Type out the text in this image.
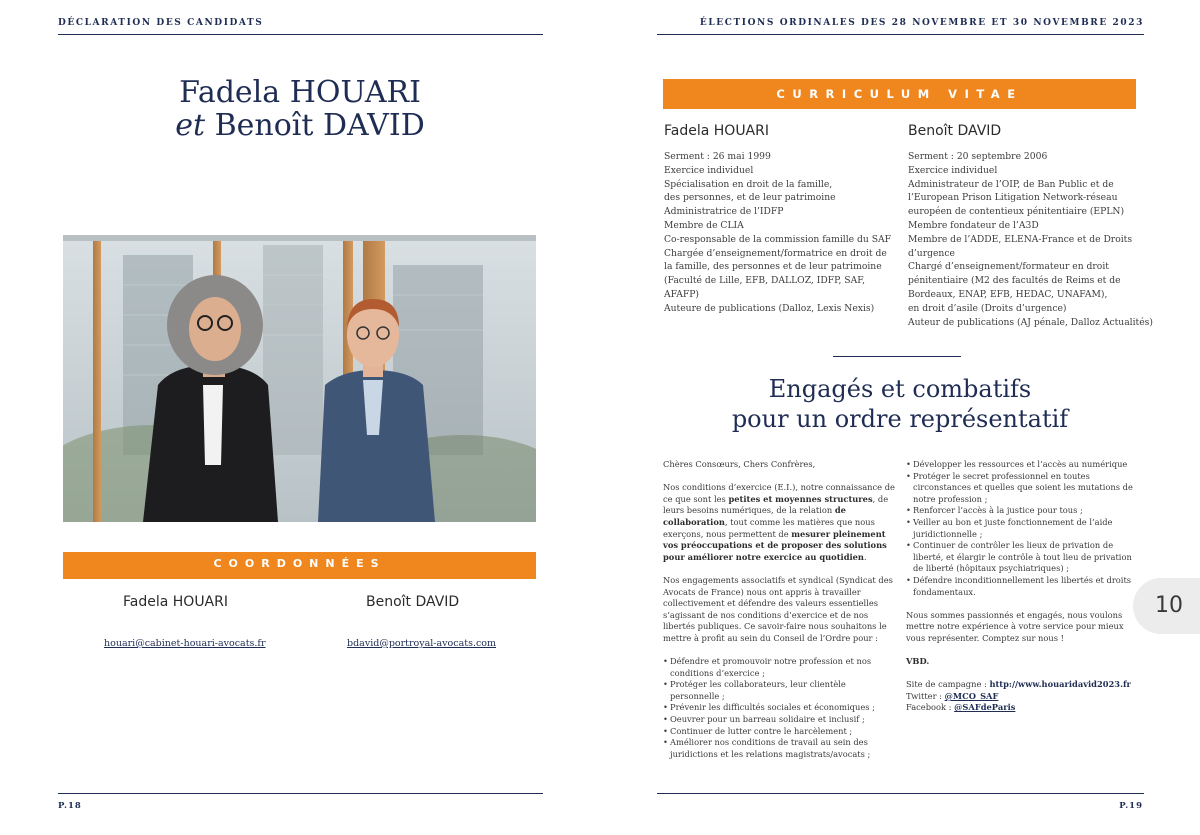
DÉCLARATION DES CANDIDATS
Fadela HOUARI
et Benoît DAVID
COORDONNÉES
Fadela HOUARI	Benoît DAVID
houari@cabinet-houari-avocats.fr	bdavid@portroyal-avocats.com
P.18
ÉLECTIONS ORDINALES DES 28 NOVEMBRE ET 30 NOVEMBRE 2023
CURRICULUM VITAE
Fadela HOUARI
Serment : 26 mai 1999
Exercice individuel
Spécialisation en droit de la famille,
des personnes, et de leur patrimoine
Administratrice de l’IDFP
Membre de CLIA
Co-responsable de la commission famille du SAF
Chargée d’enseignement/formatrice en droit de
la famille, des personnes et de leur patrimoine
(Faculté de Lille, EFB, DALLOZ, IDFP, SAF,
AFAFP)
Auteure de publications (Dalloz, Lexis Nexis)
Benoît DAVID
Serment : 20 septembre 2006
Exercice individuel
Administrateur de l’OIP, de Ban Public et de
l’European Prison Litigation Network-réseau
européen de contentieux pénitentiaire (EPLN)
Membre fondateur de l’A3D
Membre de l’ADDE, ELENA-France et de Droits
d’urgence
Chargé d’enseignement/formateur en droit
pénitentiaire (M2 des facultés de Reims et de
Bordeaux, ENAP, EFB, HEDAC, UNAFAM),
en droit d’asile (Droits d’urgence)
Auteur de publications (AJ pénale, Dalloz Actualités)
Engagés et combatifs
pour un ordre représentatif

Chères Consœurs, Chers Confrères,

Nos conditions d’exercice (E.I.), notre connaissance de ce que sont les petites et moyennes structures, de leurs besoins numériques, de la relation de collaboration, tout comme les matières que nous exerçons, nous permettent de mesurer pleinement vos préoccupations et de proposer des solutions pour améliorer notre exercice au quotidien.

Nos engagements associatifs et syndical (Syndicat des Avocats de France) nous ont appris à travailler collectivement et défendre des valeurs essentielles s’agissant de nos conditions d’exercice et de nos libertés publiques. Ce savoir-faire nous souhaitons le mettre à profit au sein du Conseil de l’Ordre pour :

• Défendre et promouvoir notre profession et nos conditions d’exercice ;
• Protéger les collaborateurs, leur clientèle personnelle ;
• Prévenir les difficultés sociales et économiques ;
• Oeuvrer pour un barreau solidaire et inclusif ;
• Continuer de lutter contre le harcèlement ;
• Améliorer nos conditions de travail au sein des juridictions et les relations magistrats/avocats ;
• Développer les ressources et l’accès au numérique
• Protéger le secret professionnel en toutes circonstances et quelles que soient les mutations de notre profession ;
• Renforcer l’accès à la justice pour tous ;
• Veiller au bon et juste fonctionnement de l’aide juridictionnelle ;
• Continuer de contrôler les lieux de privation de liberté, et élargir le contrôle à tout lieu de privation de liberté (hôpitaux psychiatriques) ;
• Défendre inconditionnellement les libertés et droits fondamentaux.

Nous sommes passionnés et engagés, nous voulons mettre notre expérience à votre service pour mieux vous représenter. Comptez sur nous !

VBD.

Site de campagne : http://www.houaridavid2023.fr
Twitter : @MCO_SAF
Facebook : @SAFdeParis
P.19
10
